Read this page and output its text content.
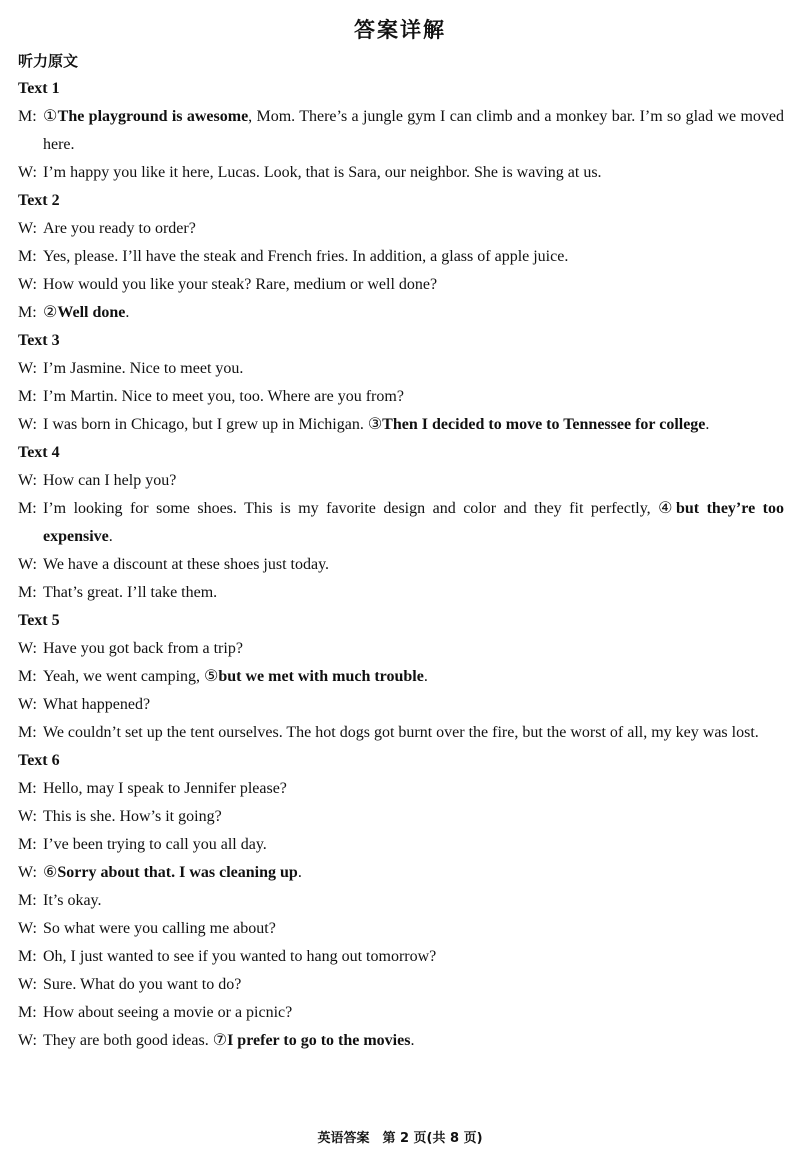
答案详解
听力原文
Text 1
M: ①The playground is awesome, Mom. There’s a jungle gym I can climb and a monkey bar. I’m so glad we moved here.
W: I’m happy you like it here, Lucas. Look, that is Sara, our neighbor. She is waving at us.
Text 2
W: Are you ready to order?
M: Yes, please. I’ll have the steak and French fries. In addition, a glass of apple juice.
W: How would you like your steak? Rare, medium or well done?
M: ②Well done.
Text 3
W: I’m Jasmine. Nice to meet you.
M: I’m Martin. Nice to meet you, too. Where are you from?
W: I was born in Chicago, but I grew up in Michigan. ③Then I decided to move to Tennessee for college.
Text 4
W: How can I help you?
M: I’m looking for some shoes. This is my favorite design and color and they fit perfectly, ④but they’re too expensive.
W: We have a discount at these shoes just today.
M: That’s great. I’ll take them.
Text 5
W: Have you got back from a trip?
M: Yeah, we went camping, ⑤but we met with much trouble.
W: What happened?
M: We couldn’t set up the tent ourselves. The hot dogs got burnt over the fire, but the worst of all, my key was lost.
Text 6
M: Hello, may I speak to Jennifer please?
W: This is she. How’s it going?
M: I’ve been trying to call you all day.
W: ⑥Sorry about that. I was cleaning up.
M: It’s okay.
W: So what were you calling me about?
M: Oh, I just wanted to see if you wanted to hang out tomorrow?
W: Sure. What do you want to do?
M: How about seeing a movie or a picnic?
W: They are both good ideas. ⑦I prefer to go to the movies.
英语答案　第 2 页(共 8 页)
